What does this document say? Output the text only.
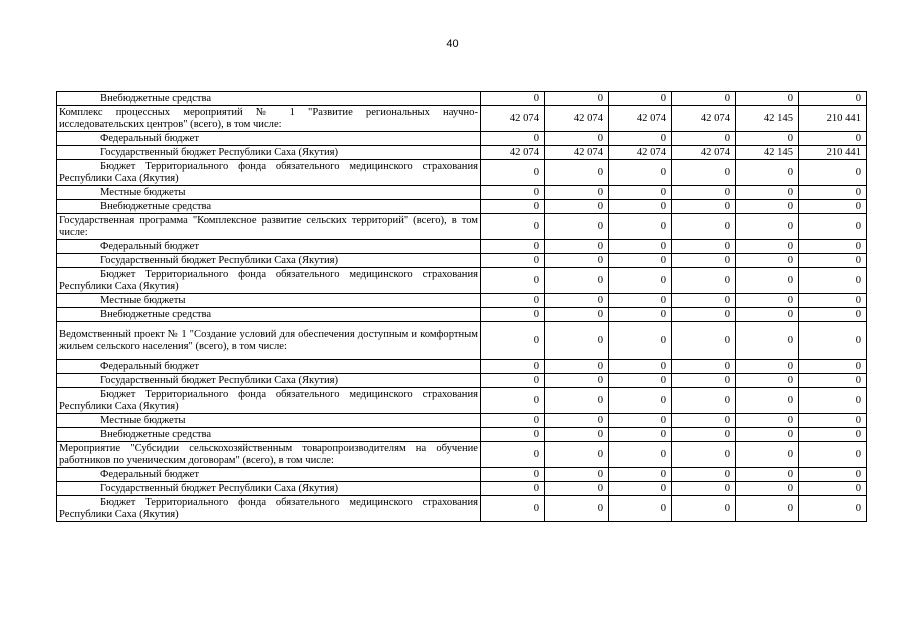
40
Внебюджетные средства	0	0	0	0	0	0
Комплекс процессных мероприятий № 1 "Развитие региональных научно-исследовательских центров" (всего), в том числе:	42 074	42 074	42 074	42 074	42 145	210 441
Федеральный бюджет	0	0	0	0	0	0
Государственный бюджет Республики Саха (Якутия)	42 074	42 074	42 074	42 074	42 145	210 441
Бюджет Территориального фонда обязательного медицинского страхования Республики Саха (Якутия)	0	0	0	0	0	0
Местные бюджеты	0	0	0	0	0	0
Внебюджетные средства	0	0	0	0	0	0
Государственная программа "Комплексное развитие сельских территорий" (всего), в том числе:	0	0	0	0	0	0
Федеральный бюджет	0	0	0	0	0	0
Государственный бюджет Республики Саха (Якутия)	0	0	0	0	0	0
Бюджет Территориального фонда обязательного медицинского страхования Республики Саха (Якутия)	0	0	0	0	0	0
Местные бюджеты	0	0	0	0	0	0
Внебюджетные средства	0	0	0	0	0	0
Ведомственный проект № 1 "Создание условий для обеспечения доступным и комфортным жильем сельского населения" (всего), в том числе:	0	0	0	0	0	0
Федеральный бюджет	0	0	0	0	0	0
Государственный бюджет Республики Саха (Якутия)	0	0	0	0	0	0
Бюджет Территориального фонда обязательного медицинского страхования Республики Саха (Якутия)	0	0	0	0	0	0
Местные бюджеты	0	0	0	0	0	0
Внебюджетные средства	0	0	0	0	0	0
Мероприятие "Субсидии сельскохозяйственным товаропроизводителям на обучение работников по ученическим договорам" (всего), в том числе:	0	0	0	0	0	0
Федеральный бюджет	0	0	0	0	0	0
Государственный бюджет Республики Саха (Якутия)	0	0	0	0	0	0
Бюджет Территориального фонда обязательного медицинского страхования Республики Саха (Якутия)	0	0	0	0	0	0
